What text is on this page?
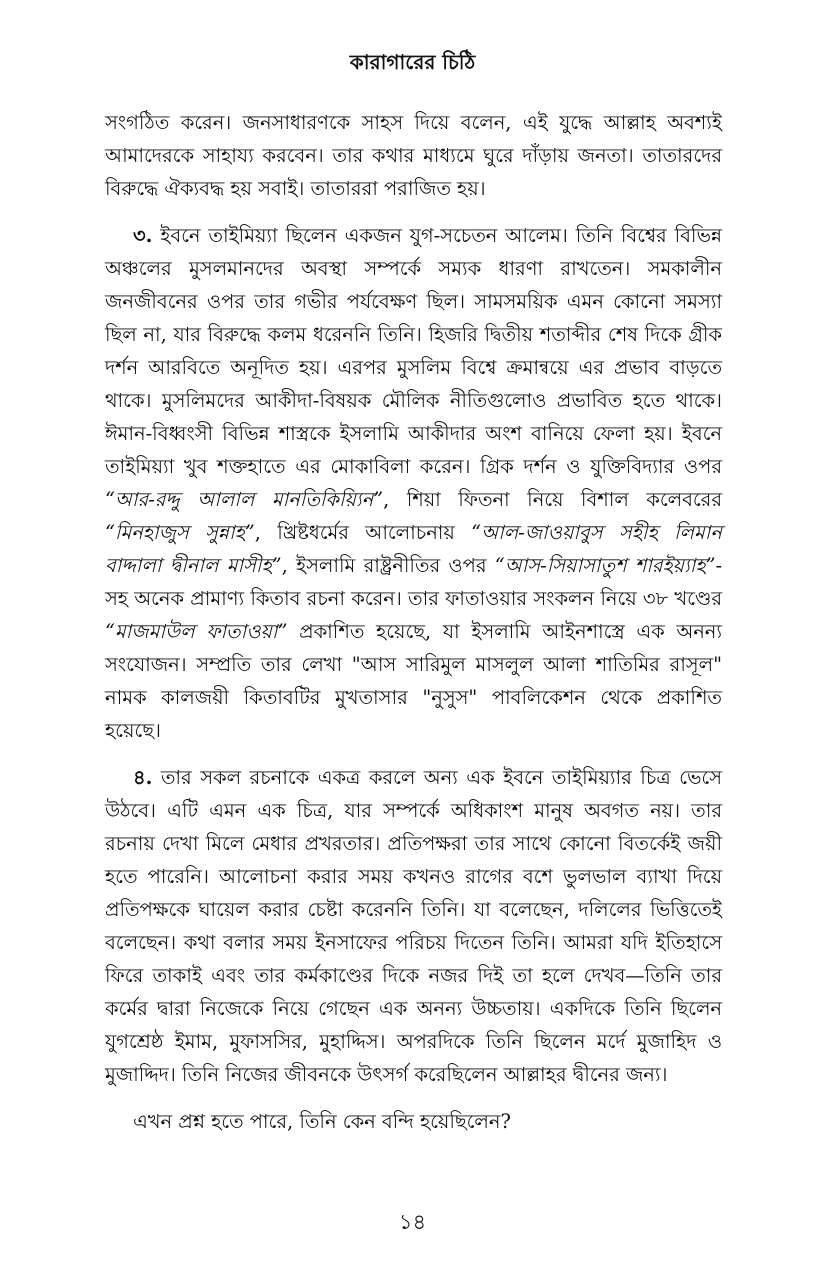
কারাগারের চিঠি

সংগঠিত করেন। জনসাধারণকে সাহস দিয়ে বলেন, এই যুদ্ধে আল্লাহ অবশ্যই আমাদেরকে সাহায্য করবেন। তার কথার মাধ্যমে ঘুরে দাঁড়ায় জনতা। তাতারদের বিরুদ্ধে ঐক্যবদ্ধ হয় সবাই। তাতাররা পরাজিত হয়।

৩. ইবনে তাইমিয়্যা ছিলেন একজন যুগ-সচেতন আলেম। তিনি বিশ্বের বিভিন্ন অঞ্চলের মুসলমানদের অবস্থা সম্পর্কে সম্যক ধারণা রাখতেন। সমকালীন জনজীবনের ওপর তার গভীর পর্যবেক্ষণ ছিল। সামসময়িক এমন কোনো সমস্যা ছিল না, যার বিরুদ্ধে কলম ধরেননি তিনি। হিজরি দ্বিতীয় শতাব্দীর শেষ দিকে গ্রীক দর্শন আরবিতে অনূদিত হয়। এরপর মুসলিম বিশ্বে ক্রমান্বয়ে এর প্রভাব বাড়তে থাকে। মুসলিমদের আকীদা-বিষয়ক মৌলিক নীতিগুলোও প্রভাবিত হতে থাকে। ঈমান-বিধ্বংসী বিভিন্ন শাস্ত্রকে ইসলামি আকীদার অংশ বানিয়ে ফেলা হয়। ইবনে তাইমিয়্যা খুব শক্তহাতে এর মোকাবিলা করেন। গ্রিক দর্শন ও যুক্তিবিদ্যার ওপর “আর-রদ্দু আলাল মানতিকিয়্যিন”, শিয়া ফিতনা নিয়ে বিশাল কলেবরের “মিনহাজুস সুন্নাহ”, খ্রিষ্টধর্মের আলোচনায় “আল-জাওয়াবুস সহীহ লিমান বাদ্দালা দ্বীনাল মাসীহ”, ইসলামি রাষ্ট্রনীতির ওপর “আস-সিয়াসাতুশ শারইয়্যাহ”-সহ অনেক প্রামাণ্য কিতাব রচনা করেন। তার ফাতাওয়ার সংকলন নিয়ে ৩৮ খণ্ডের “মাজমাউল ফাতাওয়া” প্রকাশিত হয়েছে, যা ইসলামি আইনশাস্ত্রে এক অনন্য সংযোজন। সম্প্রতি তার লেখা "আস সারিমুল মাসলুল আলা শাতিমির রাসূল" নামক কালজয়ী কিতাবটির মুখতাসার "নুসুস" পাবলিকেশন থেকে প্রকাশিত হয়েছে।

৪. তার সকল রচনাকে একত্র করলে অন্য এক ইবনে তাইমিয়্যার চিত্র ভেসে উঠবে। এটি এমন এক চিত্র, যার সম্পর্কে অধিকাংশ মানুষ অবগত নয়। তার রচনায় দেখা মিলে মেধার প্রখরতার। প্রতিপক্ষরা তার সাথে কোনো বিতর্কেই জয়ী হতে পারেনি। আলোচনা করার সময় কখনও রাগের বশে ভুলভাল ব্যাখা দিয়ে প্রতিপক্ষকে ঘায়েল করার চেষ্টা করেননি তিনি। যা বলেছেন, দলিলের ভিত্তিতেই বলেছেন। কথা বলার সময় ইনসাফের পরিচয় দিতেন তিনি। আমরা যদি ইতিহাসে ফিরে তাকাই এবং তার কর্মকাণ্ডের দিকে নজর দিই তা হলে দেখব—তিনি তার কর্মের দ্বারা নিজেকে নিয়ে গেছেন এক অনন্য উচ্চতায়। একদিকে তিনি ছিলেন যুগশ্রেষ্ঠ ইমাম, মুফাসসির, মুহাদ্দিস। অপরদিকে তিনি ছিলেন মর্দে মুজাহিদ ও মুজাদ্দিদ। তিনি নিজের জীবনকে উৎসর্গ করেছিলেন আল্লাহর দ্বীনের জন্য।

এখন প্রশ্ন হতে পারে, তিনি কেন বন্দি হয়েছিলেন?

১৪
